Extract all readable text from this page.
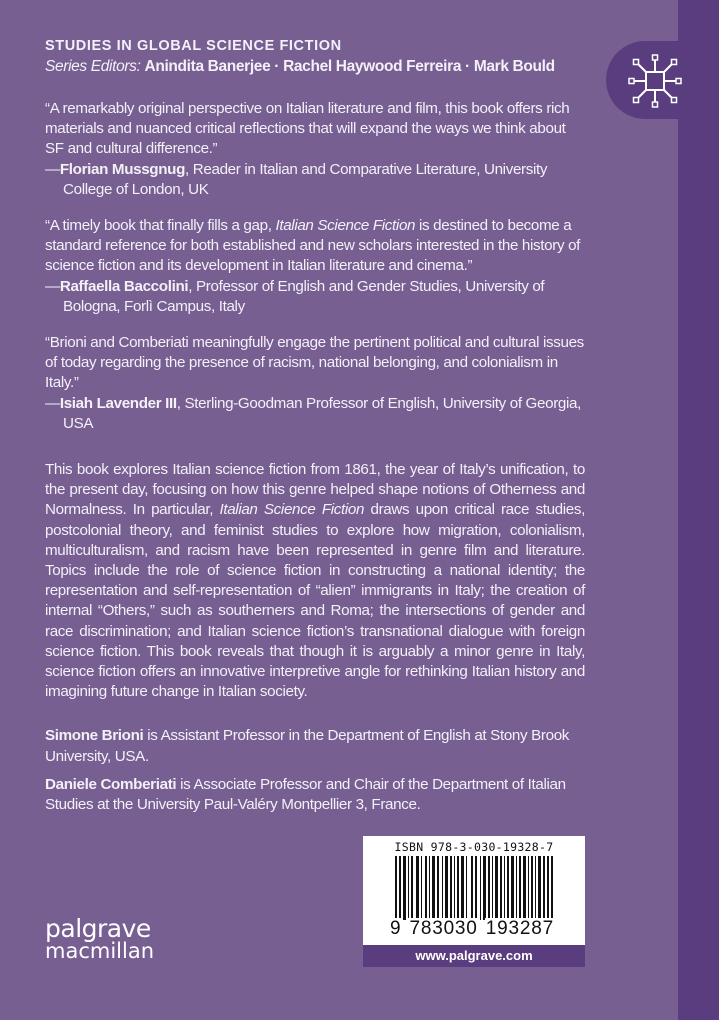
STUDIES IN GLOBAL SCIENCE FICTION
Series Editors: Anindita Banerjee · Rachel Haywood Ferreira · Mark Bould

“A remarkably original perspective on Italian literature and film, this book offers rich materials and nuanced critical reflections that will expand the ways we think about SF and cultural difference.”

—Florian Mussgnug, Reader in Italian and Comparative Literature, University College of London, UK

“A timely book that finally fills a gap, Italian Science Fiction is destined to become a standard reference for both established and new scholars interested in the history of science fiction and its development in Italian literature and cinema.”

—Raffaella Baccolini, Professor of English and Gender Studies, University of Bologna, Forlì Campus, Italy

“Brioni and Comberiati meaningfully engage the pertinent political and cultural issues of today regarding the presence of racism, national belonging, and colonialism in Italy.”

—Isiah Lavender III, Sterling-Goodman Professor of English, University of Georgia, USA

This book explores Italian science fiction from 1861, the year of Italy’s unification, to the present day, focusing on how this genre helped shape notions of Otherness and Normalness. In particular, Italian Science Fiction draws upon critical race studies, postcolonial theory, and feminist studies to explore how migration, colonialism, multiculturalism, and racism have been represented in genre film and literature. Topics include the role of science fiction in constructing a national identity; the representation and self-representation of “alien” immigrants in Italy; the creation of internal “Others,” such as southerners and Roma; the intersections of gender and race discrimination; and Italian science fiction’s transnational dialogue with foreign science fiction. This book reveals that though it is arguably a minor genre in Italy, science fiction offers an innovative interpretive angle for rethinking Italian history and imagining future change in Italian society.

Simone Brioni is Assistant Professor in the Department of English at Stony Brook University, USA.

Daniele Comberiati is Associate Professor and Chair of the Department of Italian Studies at the University Paul-Valéry Montpellier 3, France.

ISBN 978-3-030-19328-7
9 783030 193287
www.palgrave.com
palgrave
macmillan
